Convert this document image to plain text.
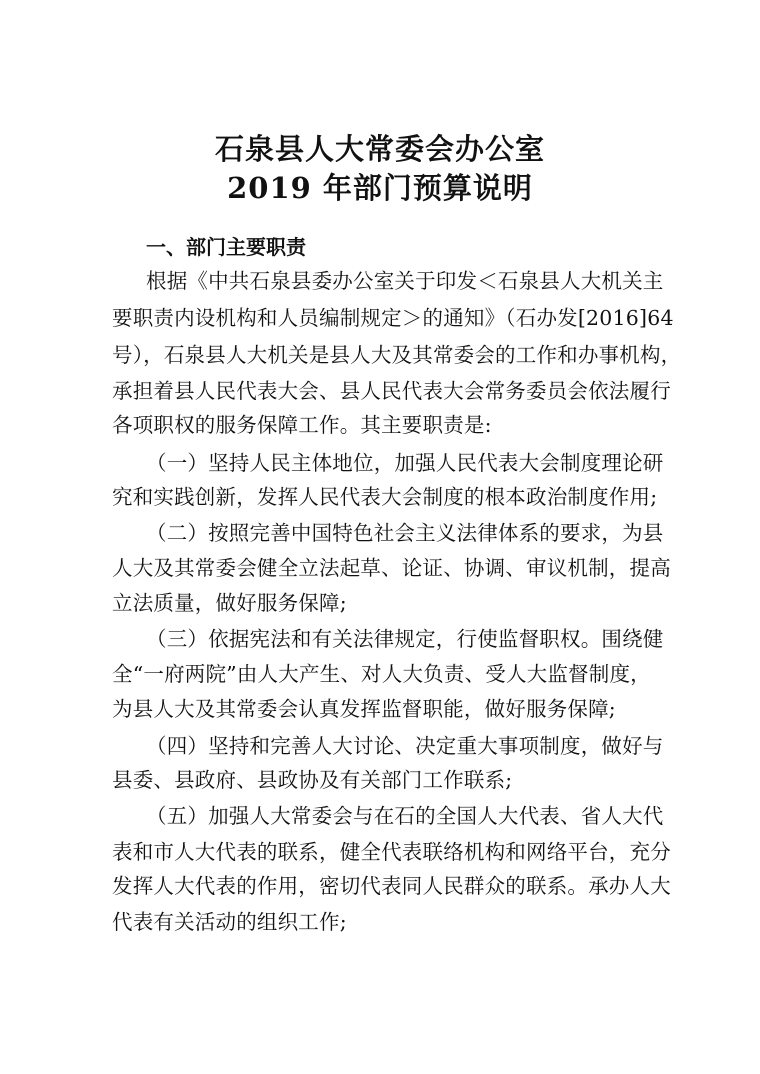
石泉县人大常委会办公室
2019 年部门预算说明
一、部门主要职责
根据《中共石泉县委办公室关于印发＜石泉县人大机关主
要职责内设机构和人员编制规定＞的通知》（石办发[2016]64
号），石泉县人大机关是县人大及其常委会的工作和办事机构，
承担着县人民代表大会、县人民代表大会常务委员会依法履行
各项职权的服务保障工作。其主要职责是:
（一）坚持人民主体地位，加强人民代表大会制度理论研
究和实践创新，发挥人民代表大会制度的根本政治制度作用;
（二）按照完善中国特色社会主义法律体系的要求，为县
人大及其常委会健全立法起草、论证、协调、审议机制，提高
立法质量，做好服务保障;
（三）依据宪法和有关法律规定，行使监督职权。围绕健
全“一府两院”由人大产生、对人大负责、受人大监督制度，
为县人大及其常委会认真发挥监督职能，做好服务保障;
（四）坚持和完善人大讨论、决定重大事项制度，做好与
县委、县政府、县政协及有关部门工作联系;
（五）加强人大常委会与在石的全国人大代表、省人大代
表和市人大代表的联系，健全代表联络机构和网络平台，充分
发挥人大代表的作用，密切代表同人民群众的联系。承办人大
代表有关活动的组织工作;
